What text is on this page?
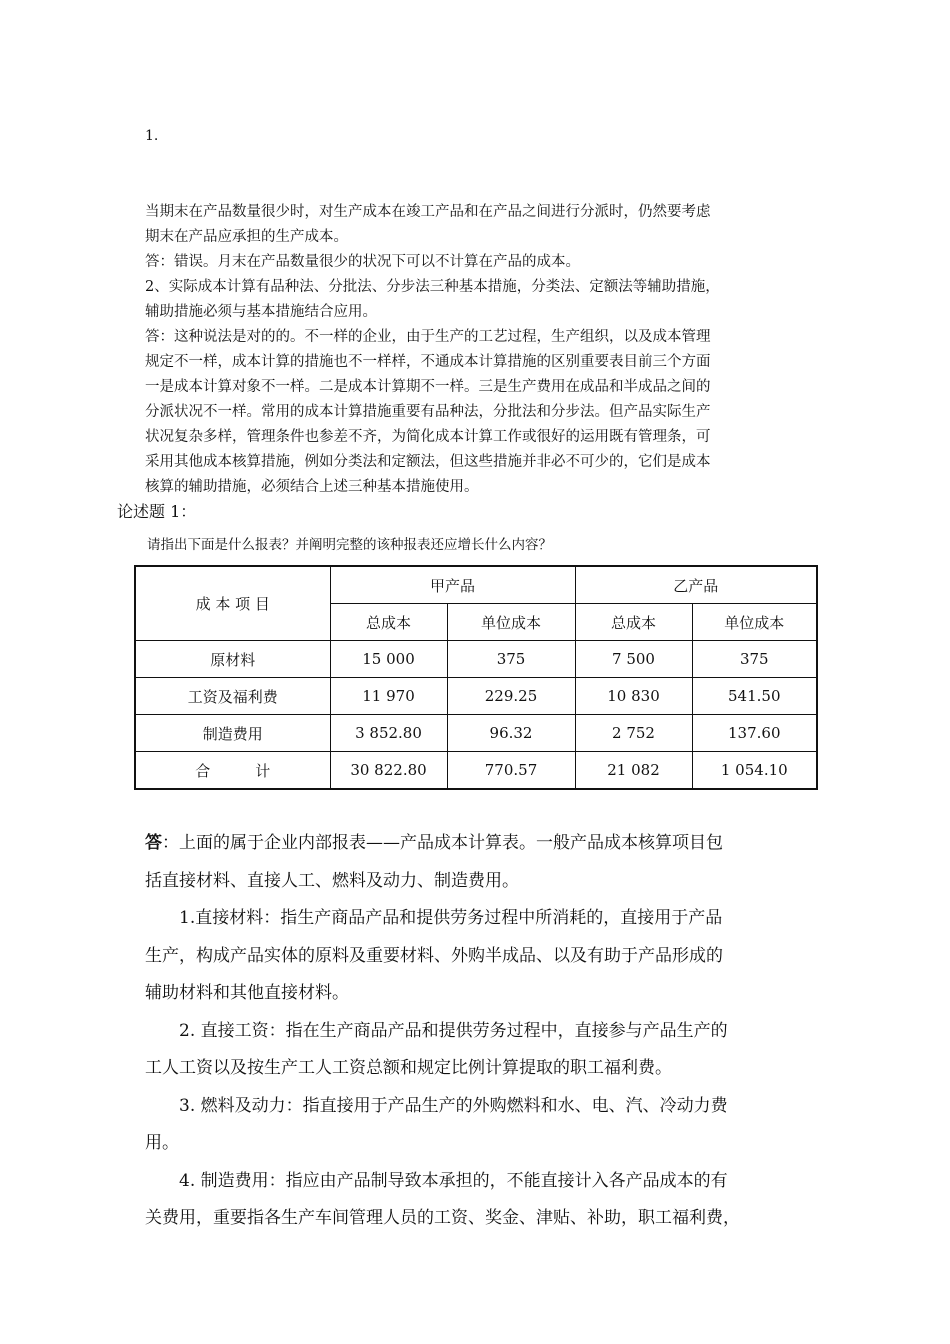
1.

当期末在产品数量很少时，对生产成本在竣工产品和在产品之间进行分派时，仍然要考虑

期末在产品应承担的生产成本。

答：错误。月末在产品数量很少的状况下可以不计算在产品的成本。

2、实际成本计算有品种法、分批法、分步法三种基本措施，分类法、定额法等辅助措施，

辅助措施必须与基本措施结合应用。

答：这种说法是对的的。不一样的企业，由于生产的工艺过程，生产组织，以及成本管理

规定不一样，成本计算的措施也不一样样，不通成本计算措施的区别重要表目前三个方面

一是成本计算对象不一样。二是成本计算期不一样。三是生产费用在成品和半成品之间的

分派状况不一样。常用的成本计算措施重要有品种法，分批法和分步法。但产品实际生产

状况复杂多样，管理条件也参差不齐，为简化成本计算工作或很好的运用既有管理条，可

采用其他成本核算措施，例如分类法和定额法，但这些措施并非必不可少的，它们是成本

核算的辅助措施，必须结合上述三种基本措施使用。

论述题 1：
请指出下面是什么报表？并阐明完整的该种报表还应增长什么内容？
成 本 项 目	甲产品		乙产品	
	总成本	单位成本	总成本	单位成本
原材料	15 000	375	7 500	375
工资及福利费	11 970	229.25	10 830	541.50
制造费用	3 852.80	96.32	2 752	137.60
合　　　计	30 822.80	770.57	21 082	1 054.10

答：上面的属于企业内部报表——产品成本计算表。一般产品成本核算项目包

括直接材料、直接人工、燃料及动力、制造费用。

1.直接材料：指生产商品产品和提供劳务过程中所消耗的，直接用于产品

生产，构成产品实体的原料及重要材料、外购半成品、以及有助于产品形成的

辅助材料和其他直接材料。

2. 直接工资：指在生产商品产品和提供劳务过程中，直接参与产品生产的

工人工资以及按生产工人工资总额和规定比例计算提取的职工福利费。

3. 燃料及动力：指直接用于产品生产的外购燃料和水、电、汽、冷动力费

用。

4. 制造费用：指应由产品制导致本承担的，不能直接计入各产品成本的有

关费用，重要指各生产车间管理人员的工资、奖金、津贴、补助，职工福利费，
